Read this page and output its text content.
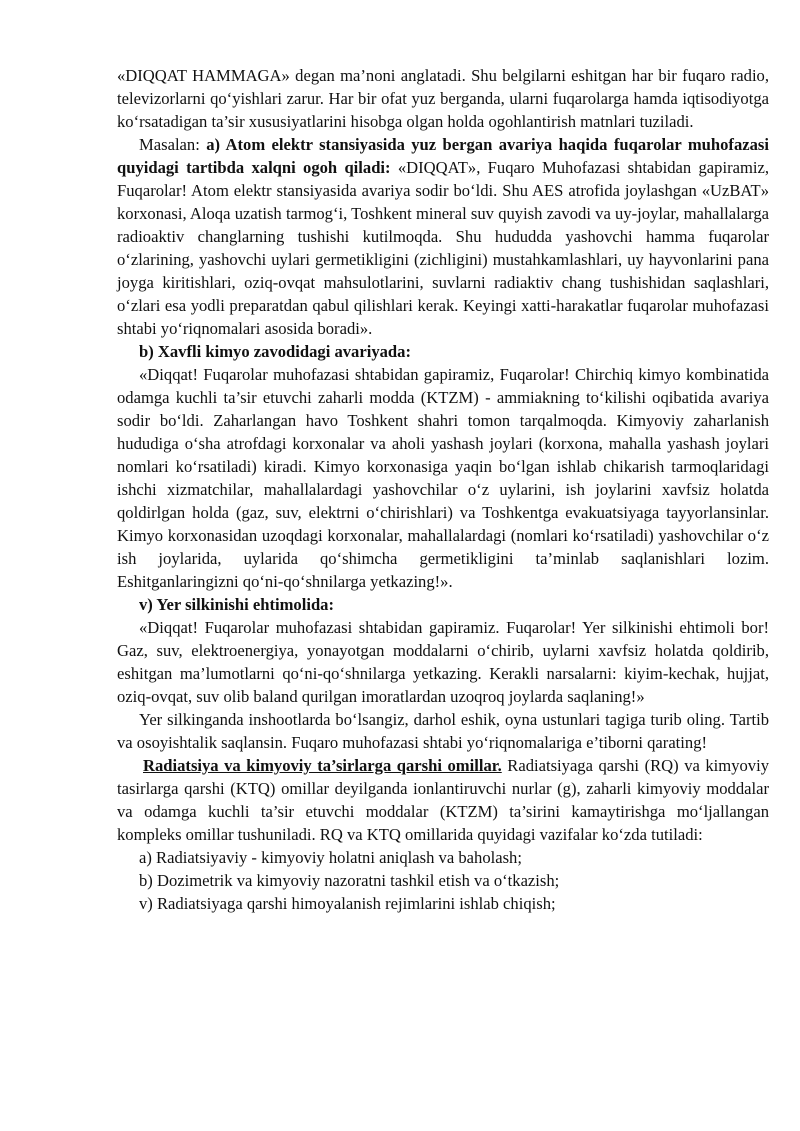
«DIQQAT HAMMAGA» degan ma’noni anglatadi. Shu belgilarni eshitgan har bir fuqaro radio, televizorlarni qo‘yishlari zarur. Har bir ofat yuz berganda, ularni fuqarolarga hamda iqtisodiyotga ko‘rsatadigan ta’sir xususiyatlarini hisobga olgan holda ogohlantirish matnlari tuziladi.

Masalan: a) Atom elektr stansiyasida yuz bergan avariya haqida fuqarolar muhofazasi quyidagi tartibda xalqni ogoh qiladi: «DIQQAT», Fuqaro Muhofazasi shtabidan gapiramiz, Fuqarolar! Atom elektr stansiyasida avariya sodir bo‘ldi. Shu AES atrofida joylashgan «UzBAT» korxonasi, Aloqa uzatish tarmog‘i, Toshkent mineral suv quyish zavodi va uy-joylar, mahallalarga radioaktiv changlarning tushishi kutilmoqda. Shu hududda yashovchi hamma fuqarolar o‘zlarining, yashovchi uylari germetikligini (zichligini) mustahkamlashlari, uy hayvonlarini pana joyga kiritishlari, oziq-ovqat mahsulotlarini, suvlarni radiaktiv chang tushishidan saqlashlari, o‘zlari esa yodli preparatdan qabul qilishlari kerak. Keyingi xatti-harakatlar fuqarolar muhofazasi shtabi yo‘riqnomalari asosida boradi».

b) Xavfli kimyo zavodidagi avariyada:

«Diqqat! Fuqarolar muhofazasi shtabidan gapiramiz, Fuqarolar! Chirchiq kimyo kombinatida odamga kuchli ta’sir etuvchi zaharli modda (KTZM) - ammiakning to‘kilishi oqibatida avariya sodir bo‘ldi. Zaharlangan havo Toshkent shahri tomon tarqalmoqda. Kimyoviy zaharlanish hududiga o‘sha atrofdagi korxonalar va aholi yashash joylari (korxona, mahalla yashash joylari nomlari ko‘rsatiladi) kiradi. Kimyo korxonasiga yaqin bo‘lgan ishlab chikarish tarmoqlaridagi ishchi xizmatchilar, mahallalardagi yashovchilar o‘z uylarini, ish joylarini xavfsiz holatda qoldirlgan holda (gaz, suv, elektrni o‘chirishlari) va Toshkentga evakuatsiyaga tayyorlansinlar. Kimyo korxonasidan uzoqdagi korxonalar, mahallalardagi (nomlari ko‘rsatiladi) yashovchilar o‘z ish joylarida, uylarida qo‘shimcha germetikligini ta’minlab saqlanishlari lozim. Eshitganlaringizni qo‘ni-qo‘shnilarga yetkazing!».

v) Yer silkinishi ehtimolida:

«Diqqat! Fuqarolar muhofazasi shtabidan gapiramiz. Fuqarolar! Yer silkinishi ehtimoli bor! Gaz, suv, elektroenergiya, yonayotgan moddalarni o‘chirib, uylarni xavfsiz holatda qoldirib, eshitgan ma’lumotlarni qo‘ni-qo‘shnilarga yetkazing. Kerakli narsalarni: kiyim-kechak, hujjat, oziq-ovqat, suv olib baland qurilgan imoratlardan uzoqroq joylarda saqlaning!»

Yer silkinganda inshootlarda bo‘lsangiz, darhol eshik, oyna ustunlari tagiga turib oling. Tartib va osoyishtalik saqlansin. Fuqaro muhofazasi shtabi yo‘riqnomalariga e’tiborni qarating!

Radiatsiya va kimyoviy ta’sirlarga qarshi omillar. Radiatsiyaga qarshi (RQ) va kimyoviy tasirlarga qarshi (KTQ) omillar deyilganda ionlantiruvchi nurlar (g), zaharli kimyoviy moddalar va odamga kuchli ta’sir etuvchi moddalar (KTZM) ta’sirini kamaytirishga mo‘ljallangan kompleks omillar tushuniladi. RQ va KTQ omillarida quyidagi vazifalar ko‘zda tutiladi:

a) Radiatsiyaviy - kimyoviy holatni aniqlash va baholash;

b) Dozimetrik va kimyoviy nazoratni tashkil etish va o‘tkazish;

v) Radiatsiyaga qarshi himoyalanish rejimlarini ishlab chiqish;
